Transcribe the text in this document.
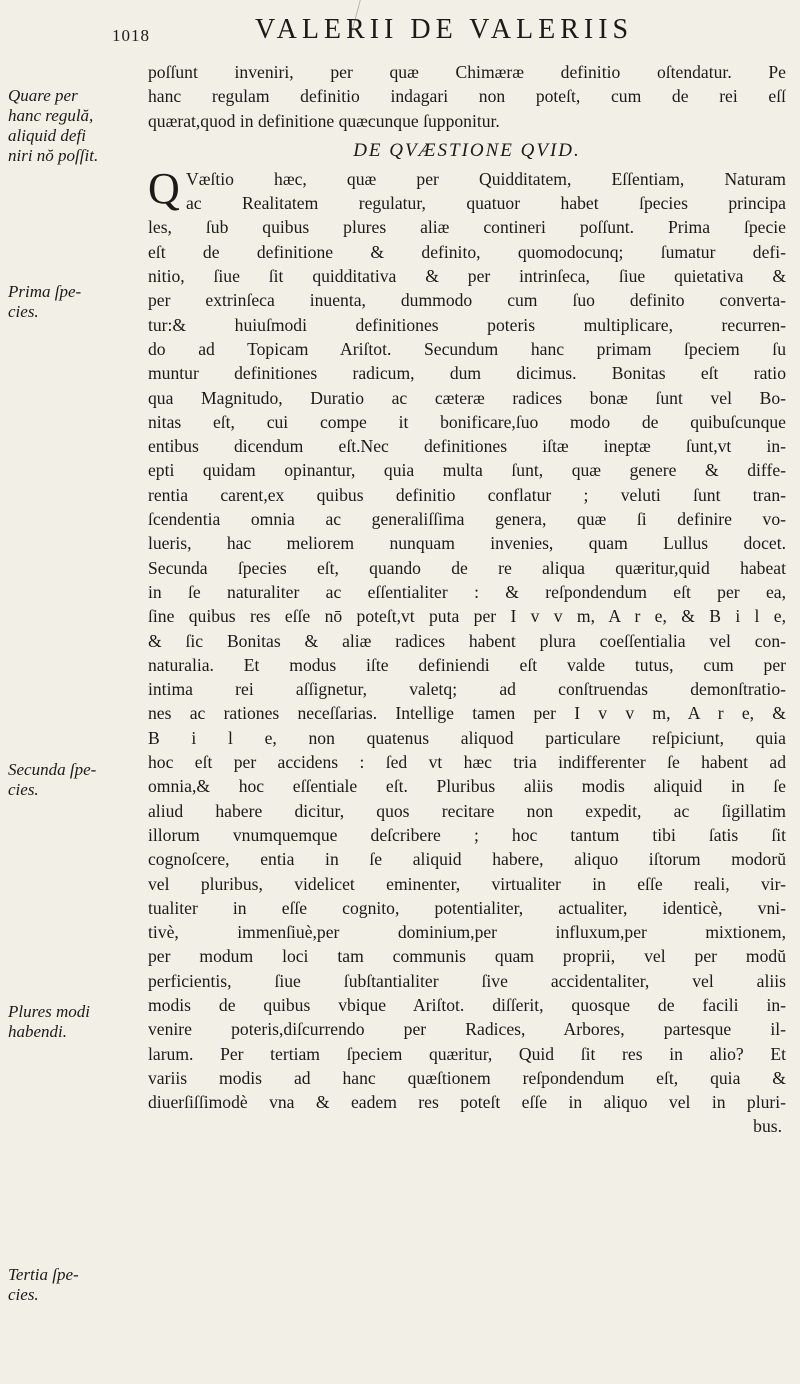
1018	VALERII DE VALERIIS
Quare per
hanc regulă,
aliquid defi
niri nŏ poſſit.
Prima ſpe-
cies.
Secunda ſpe-
cies.
Plures modi
habendi.
Tertia ſpe-
cies.
poſſunt inveniri, per quæ Chimæræ definitio oſtendatur. Pe
hanc regulam definitio indagari non poteſt, cum de rei eſſ
quærat,quod in definitione quæcunque ſupponitur.
DE QVÆSTIONE QVID.
Q Væſtio hæc, quæ per Quidditatem, Eſſentiam, Naturam
ac Realitatem regulatur, quatuor habet ſpecies principa
les, ſub quibus plures aliæ contineri poſſunt. Prima ſpecie
eſt de definitione & definito, quomodocunq; ſumatur defi-
nitio, ſiue ſit quidditativa & per intrinſeca, ſiue quietativa &
per extrinſeca inuenta, dummodo cum ſuo definito converta-
tur:& huiuſmodi definitiones poteris multiplicare, recurren-
do ad Topicam Ariſtot. Secundum hanc primam ſpeciem ſu
muntur definitiones radicum, dum dicimus. Bonitas eſt ratio
qua Magnitudo, Duratio ac cæteræ radices bonæ ſunt vel Bo-
nitas eſt, cui compe it bonificare,ſuo modo de quibuſcunque
entibus dicendum eſt.Nec definitiones iſtæ ineptæ ſunt,vt in-
epti quidam opinantur, quia multa ſunt, quæ genere & diffe-
rentia carent,ex quibus definitio conflatur ; veluti ſunt tran-
ſcendentia omnia ac generaliſſima genera, quæ ſi definire vo-
lueris, hac meliorem nunquam invenies, quam Lullus docet.
Secunda ſpecies eſt, quando de re aliqua quæritur,quid habeat
in ſe naturaliter ac eſſentialiter : & reſpondendum eſt per ea,
ſine quibus res eſſe nō poteſt,vt puta per I v v m, A r e, & B i l e,
& ſic Bonitas & aliæ radices habent plura coeſſentialia vel con-
naturalia. Et modus iſte definiendi eſt valde tutus, cum per
intima rei aſſignetur, valetq; ad conſtruendas demonſtratio-
nes ac rationes neceſſarias. Intellige tamen per I v v m, A r e, &
B i l e, non quatenus aliquod particulare reſpiciunt, quia
hoc eſt per accidens : ſed vt hæc tria indifferenter ſe habent ad
omnia,& hoc eſſentiale eſt. Pluribus aliis modis aliquid in ſe
aliud habere dicitur, quos recitare non expedit, ac ſigillatim
illorum vnumquemque deſcribere ; hoc tantum tibi ſatis ſit
cognoſcere, entia in ſe aliquid habere, aliquo iſtorum modorŭ
vel pluribus, videlicet eminenter, virtualiter in eſſe reali, vir-
tualiter in eſſe cognito, potentialiter, actualiter, identicè, vni-
tivè, immenſiuè,per dominium,per influxum,per mixtionem,
per modum loci tam communis quam proprii, vel per modŭ
perficientis, ſiue ſubſtantialiter ſive accidentaliter, vel aliis
modis de quibus vbique Ariſtot. diſſerit, quosque de facili in-
venire poteris,diſcurrendo per Radices, Arbores, partesque il-
larum. Per tertiam ſpeciem quæritur, Quid ſit res in alio? Et
variis modis ad hanc quæſtionem reſpondendum eſt, quia &
diuerſiſſimodè vna & eadem res poteſt eſſe in aliquo vel in pluri-
bus.
